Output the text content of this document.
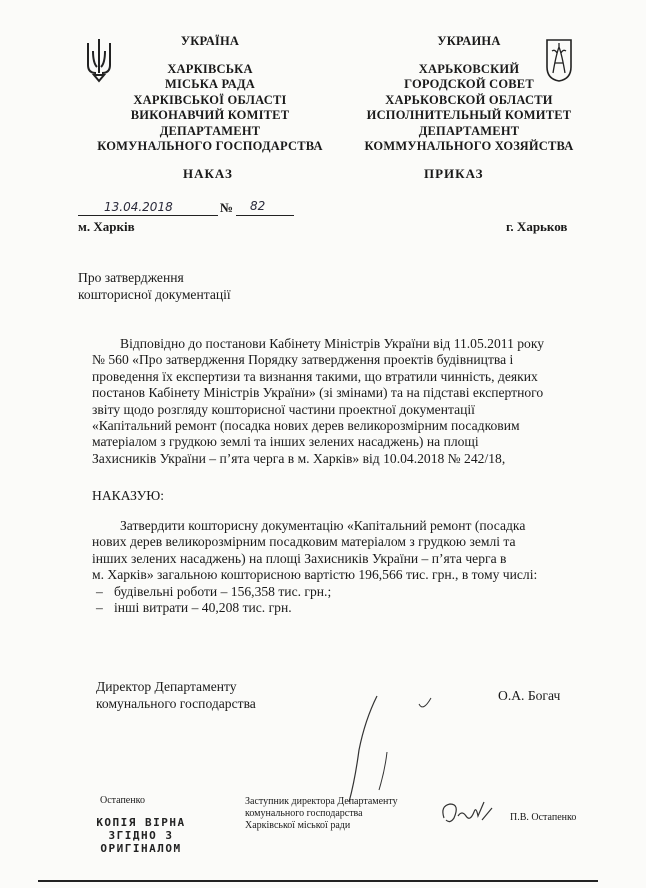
УКРАЇНА
ХАРКІВСЬКА
МІСЬКА РАДА
ХАРКІВСЬКОЇ ОБЛАСТІ
ВИКОНАВЧИЙ КОМІТЕТ
ДЕПАРТАМЕНТ
КОМУНАЛЬНОГО ГОСПОДАРСТВА
УКРАИНА
ХАРЬКОВСКИЙ
ГОРОДСКОЙ СОВЕТ
ХАРЬКОВСКОЙ ОБЛАСТИ
ИСПОЛНИТЕЛЬНЫЙ КОМИТЕТ
ДЕПАРТАМЕНТ
КОММУНАЛЬНОГО ХОЗЯЙСТВА
НАКАЗ	ПРИКАЗ
13.04.2018	№ 82
м. Харків	г. Харьков
Про затвердження
кошторисної документації
Відповідно до постанови Кабінету Міністрів України від 11.05.2011 року
№ 560 «Про затвердження Порядку затвердження проектів будівництва і
проведення їх експертизи та визнання такими, що втратили чинність, деяких
постанов Кабінету Міністрів України» (зі змінами) та на підставі експертного
звіту щодо розгляду кошторисної частини проектної документації
«Капітальний ремонт (посадка нових дерев великорозмірним посадковим
матеріалом з грудкою землі та інших зелених насаджень) на площі
Захисників України – п’ята черга в м. Харків» від 10.04.2018 № 242/18,
НАКАЗУЮ:
Затвердити кошторисну документацію «Капітальний ремонт (посадка
нових дерев великорозмірним посадковим матеріалом з грудкою землі та
інших зелених насаджень) на площі Захисників України – п’ята черга в
м. Харків» загальною кошторисною вартістю 196,566 тис. грн., в тому числі:
– будівельні роботи – 156,358 тис. грн.;
– інші витрати – 40,208 тис. грн.
Директор Департаменту
комунального господарства
О.А. Богач
Остапенко
КОПІЯ ВІРНА
ЗГІДНО З
ОРИГІНАЛОМ
Заступник директора Департаменту
комунального господарства
Харківської міської ради
П.В. Остапенко
